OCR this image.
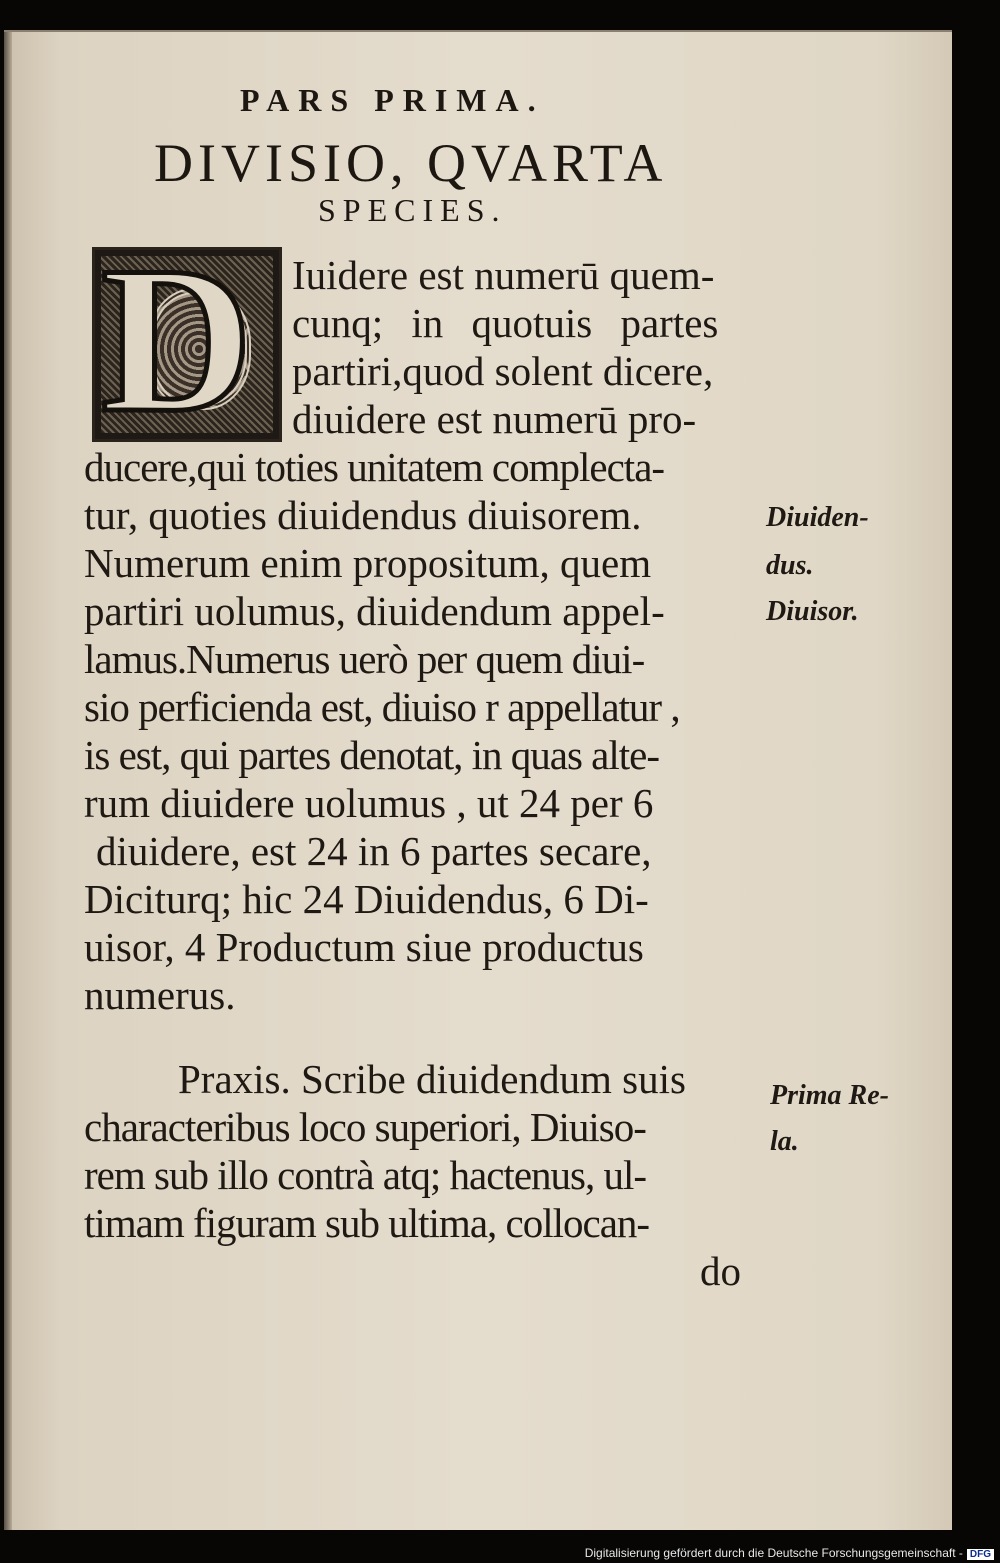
PARS PRIMA.
DIVISIO, QVARTA
SPECIES.
D Iuidere est numerū quem-
cunq; in quotuis partes
partiri,quod solent dicere,
diuidere est numerū pro-
ducere,qui toties unitatem complecta-
tur, quoties diuidendus diuisorem.
Numerum enim propositum, quem
partiri uolumus, diuidendum appel-
lamus.Numerus uerò per quem diui-
sio perficienda est, diuiso r appellatur ,
is est, qui partes denotat, in quas alte-
rum diuidere uolumus , ut 24 per 6
diuidere, est 24 in 6 partes secare,
Diciturq; hic 24 Diuidendus, 6 Di-
uisor, 4 Productum siue productus
numerus.
Praxis. Scribe diuidendum suis
characteribus loco superiori, Diuiso-
rem sub illo contrà atq; hactenus, ul-
timam figuram sub ultima, collocan-
do
Diuiden-
dus.
Diuisor.
Prima Re-
la.
Digitalisierung gefördert durch die Deutsche Forschungsgemeinschaft - DFG
